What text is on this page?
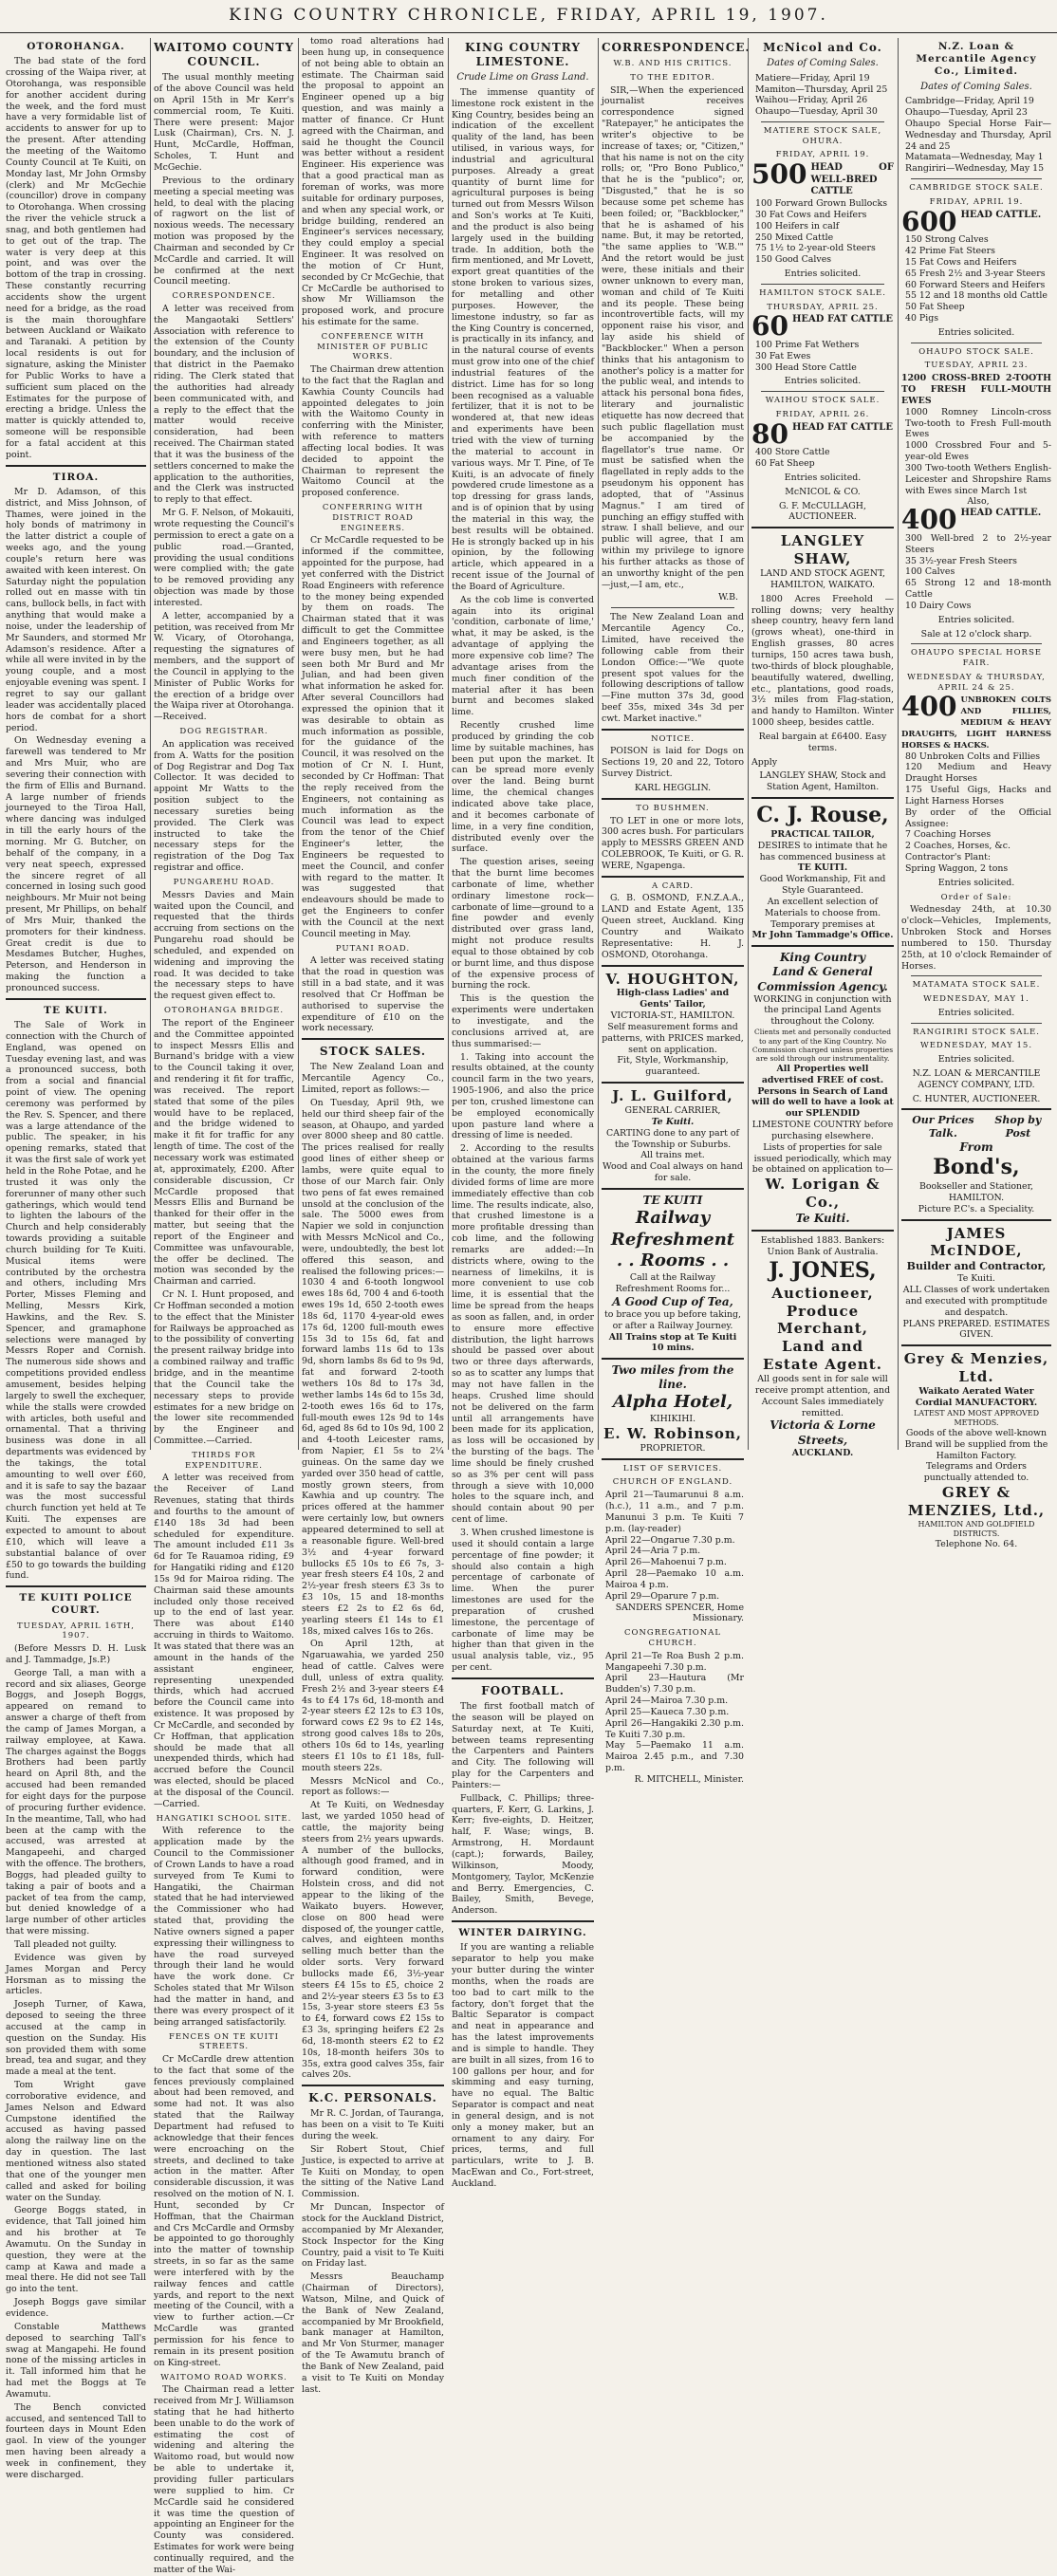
KING COUNTRY CHRONICLE, FRIDAY, APRIL 19, 1907.
OTOROHANGA.

The bad state of the ford crossing of the Waipa river, at Otorohanga, was responsible for another accident during the week, and the ford must have a very formidable list of accidents to answer for up to the present. After attending the meeting of the Waitomo County Council at Te Kuiti, on Monday last, Mr John Ormsby (clerk) and Mr McGechie (councillor) drove in company to Otorohanga. When crossing the river the vehicle struck a snag, and both gentlemen had to get out of the trap. The water is very deep at this point, and was over the bottom of the trap in crossing. These constantly recurring accidents show the urgent need for a bridge, as the road is the main thoroughfare between Auckland or Waikato and Taranaki. A petition by local residents is out for signature, asking the Minister for Public Works to have a sufficient sum placed on the Estimates for the purpose of erecting a bridge. Unless the matter is quickly attended to, someone will be responsible for a fatal accident at this point.

TIROA.

Mr D. Adamson, of this district, and Miss Johnson, of Thames, were joined in the holy bonds of matrimony in the latter district a couple of weeks ago, and the young couple's return here was awaited with keen interest. On Saturday night the population rolled out en masse with tin cans, bullock bells, in fact with anything that would make a noise, under the leadership of Mr Saunders, and stormed Mr Adamson's residence. After a while all were invited in by the young couple, and a most enjoyable evening was spent. I regret to say our gallant leader was accidentally placed hors de combat for a short period.

On Wednesday evening a farewell was tendered to Mr and Mrs Muir, who are severing their connection with the firm of Ellis and Burnand. A large number of friends journeyed to the Tiroa Hall, where dancing was indulged in till the early hours of the morning. Mr G. Butcher, on behalf of the company, in a very neat speech, expressed the sincere regret of all concerned in losing such good neighbours. Mr Muir not being present, Mr Phillips, on behalf of Mrs Muir, thanked the promoters for their kindness. Great credit is due to Mesdames Butcher, Hughes, Peterson, and Henderson in making the function a pronounced success.

TE KUITI.

The Sale of Work in connection with the Church of England, was opened on Tuesday evening last, and was a pronounced success, both from a social and financial point of view. The opening ceremony was performed by the Rev. S. Spencer, and there was a large attendance of the public. The speaker, in his opening remarks, stated that it was the first sale of work yet held in the Rohe Potae, and he trusted it was only the forerunner of many other such gatherings, which would tend to lighten the labours of the Church and help considerably towards providing a suitable church building for Te Kuiti. Musical items were contributed by the orchestra and others, including Mrs Porter, Misses Fleming and Melling, Messrs Kirk, Hawkins, and the Rev. S. Spencer, and gramaphone selections were managed by Messrs Roper and Cornish. The numerous side shows and competitions provided endless amusement, besides helping largely to swell the exchequer, while the stalls were crowded with articles, both useful and ornamental. That a thriving business was done in all departments was evidenced by the takings, the total amounting to well over £60, and it is safe to say the bazaar was the most successful church function yet held at Te Kuiti. The expenses are expected to amount to about £10, which will leave a substantial balance of over £50 to go towards the building fund.

TE KUITI POLICE COURT.
TUESDAY, APRIL 16TH, 1907.

(Before Messrs D. H. Lusk and J. Tammadge, Js.P.)

George Tall, a man with a record and six aliases, George Boggs, and Joseph Boggs, appeared on remand to answer a charge of theft from the camp of James Morgan, a railway employee, at Kawa. The charges against the Boggs Brothers had been partly heard on April 8th, and the accused had been remanded for eight days for the purpose of procuring further evidence. In the meantime, Tall, who had been at the camp with the accused, was arrested at Mangapeehi, and charged with the offence. The brothers, Boggs, had pleaded guilty to taking a pair of boots and a packet of tea from the camp, but denied knowledge of a large number of other articles that were missing.

Tall pleaded not guilty.

Evidence was given by James Morgan and Percy Horsman as to missing the articles.

Joseph Turner, of Kawa, deposed to seeing the three accused at the camp in question on the Sunday. His son provided them with some bread, tea and sugar, and they made a meal at the tent.

Tom Wright gave corroborative evidence, and James Nelson and Edward Cumpstone identified the accused as having passed along the railway line on the day in question. The last mentioned witness also stated that one of the younger men called and asked for boiling water on the Sunday.

George Boggs stated, in evidence, that Tall joined him and his brother at Te Awamutu. On the Sunday in question, they were at the camp at Kawa and made a meal there. He did not see Tall go into the tent.

Joseph Boggs gave similar evidence.

Constable Matthews deposed to searching Tall's swag at Mangapehi. He found none of the missing articles in it. Tall informed him that he had met the Boggs at Te Awamutu.

The Bench convicted accused, and sentenced Tall to fourteen days in Mount Eden gaol. In view of the younger men having been already a week in confinement, they were discharged.

WAITOMO COUNTY COUNCIL.

The usual monthly meeting of the above Council was held on April 15th in Mr Kerr's commercial room, Te Kuiti. There were present: Major Lusk (Chairman), Crs. N. J. Hunt, McCardle, Hoffman, Scholes, T. Hunt and McGechie.

Previous to the ordinary meeting a special meeting was held, to deal with the placing of ragwort on the list of noxious weeds. The necessary motion was proposed by the Chairman and seconded by Cr McCardle and carried. It will be confirmed at the next Council meeting.

CORRESPONDENCE.

A letter was received from the Mangaotaki Settlers' Association with reference to the extension of the County boundary, and the inclusion of that district in the Paemako riding. The Clerk stated that the authorities had already been communicated with, and a reply to the effect that the matter would receive consideration, had been received. The Chairman stated that it was the business of the settlers concerned to make the application to the authorities, and the Clerk was instructed to reply to that effect.

Mr G. F. Nelson, of Mokauiti, wrote requesting the Council's permission to erect a gate on a public road.—Granted, providing the usual conditions were complied with; the gate to be removed providing any objection was made by those interested.

A letter, accompanied by a petition, was received from Mr W. Vicary, of Otorohanga, requesting the signatures of members, and the support of the Council in applying to the Minister of Public Works for the erection of a bridge over the Waipa river at Otorohanga.—Received.

DOG REGISTRAR.

An application was received from A. Watts for the position of Dog Registrar and Dog Tax Collector. It was decided to appoint Mr Watts to the position subject to the necessary sureties being provided. The Clerk was instructed to take the necessary steps for the registration of the Dog Tax registrar and office.

PUNGAREHU ROAD.

Messrs Davies and Main waited upon the Council, and requested that the thirds accruing from sections on the Pungarehu road should be scheduled, and expended on widening and improving the road. It was decided to take the necessary steps to have the request given effect to.

OTOROHANGA BRIDGE.

The report of the Engineer and the Committee appointed to inspect Messrs Ellis and Burnand's bridge with a view to the Council taking it over, and rendering it fit for traffic, was received. The report stated that some of the piles would have to be replaced, and the bridge widened to make it fit for traffic for any length of time. The cost of the necessary work was estimated at, approximately, £200. After considerable discussion, Cr McCardle proposed that Messrs Ellis and Burnand be thanked for their offer in the matter, but seeing that the report of the Engineer and Committee was unfavourable, the offer be declined. The motion was seconded by the Chairman and carried.

Cr N. I. Hunt proposed, and Cr Hoffman seconded a motion to the effect that the Minister for Railways be approached as to the possibility of converting the present railway bridge into a combined railway and traffic bridge, and in the meantime that the Council take the necessary steps to provide estimates for a new bridge on the lower site recommended by the Engineer and Committee.—Carried.

THIRDS FOR EXPENDITURE.

A letter was received from the Receiver of Land Revenues, stating that thirds and fourths to the amount of £140 18s 3d had been scheduled for expenditure. The amount included £11 3s 6d for Te Rauamoa riding, £9 for Hangatiki riding and £120 15s 9d for Mairoa riding. The Chairman said these amounts included only those received up to the end of last year. There was about £140 accruing in thirds to Waitomo. It was stated that there was an amount in the hands of the assistant engineer, representing unexpended thirds, which had accrued before the Council came into existence. It was proposed by Cr McCardle, and seconded by Cr Hoffman, that application should be made that all unexpended thirds, which had accrued before the Council was elected, should be placed at the disposal of the Council.—Carried.

HANGATIKI SCHOOL SITE.

With reference to the application made by the Council to the Commissioner of Crown Lands to have a road surveyed from Te Kumi to Hangatiki, the Chairman stated that he had interviewed the Commissioner who had stated that, providing the Native owners signed a paper expressing their willingness to have the road surveyed through their land he would have the work done. Cr Scholes stated that Mr Wilson had the matter in hand, and there was every prospect of it being arranged satisfactorily.

FENCES ON TE KUITI STREETS.

Cr McCardle drew attention to the fact that some of the fences previously complained about had been removed, and some had not. It was also stated that the Railway Department had refused to acknowledge that their fences were encroaching on the streets, and declined to take action in the matter. After considerable discussion, it was resolved on the motion of N. I. Hunt, seconded by Cr Hoffman, that the Chairman and Crs McCardle and Ormsby be appointed to go thoroughly into the matter of township streets, in so far as the same were interfered with by the railway fences and cattle yards, and report to the next meeting of the Council, with a view to further action.—Cr McCardle was granted permission for his fence to remain in its present position on King-street.

WAITOMO ROAD WORKS.

The Chairman read a letter received from Mr J. Williamson stating that he had hitherto been unable to do the work of estimating the cost of widening and altering the Waitomo road, but would now be able to undertake it, providing fuller particulars were supplied to him. Cr McCardle said he considered it was time the question of appointing an Engineer for the County was considered. Estimates for work were being continually required, and the matter of the Wai-

tomo road alterations had been hung up, in consequence of not being able to obtain an estimate. The Chairman said the proposal to appoint an Engineer opened up a big question, and was mainly a matter of finance. Cr Hunt agreed with the Chairman, and said he thought the Council was better without a resident Engineer. His experience was that a good practical man as foreman of works, was more suitable for ordinary purposes, and when any special work, or bridge building, rendered an Engineer's services necessary, they could employ a special Engineer. It was resolved on the motion of Cr Hunt, seconded by Cr McGechie, that Cr McCardle be authorised to show Mr Williamson the proposed work, and procure his estimate for the same.

CONFERENCE WITH MINISTER OF PUBLIC WORKS.

The Chairman drew attention to the fact that the Raglan and Kawhia County Councils had appointed delegates to join with the Waitomo County in conferring with the Minister, with reference to matters affecting local bodies. It was decided to appoint the Chairman to represent the Waitomo Council at the proposed conference.

CONFERRING WITH DISTRICT ROAD ENGINEERS.

Cr McCardle requested to be informed if the committee, appointed for the purpose, had yet conferred with the District Road Engineers with reference to the money being expended by them on roads. The Chairman stated that it was difficult to get the Committee and Engineers together, as all were busy men, but he had seen both Mr Burd and Mr Julian, and had been given what information he asked for. After several Councillors had expressed the opinion that it was desirable to obtain as much information as possible, for the guidance of the Council, it was resolved on the motion of Cr N. I. Hunt, seconded by Cr Hoffman: That the reply received from the Engineers, not containing as much information as the Council was lead to expect from the tenor of the Chief Engineer's letter, the Engineers be requested to meet the Council, and confer with regard to the matter. It was suggested that endeavours should be made to get the Engineers to confer with the Council at the next Council meeting in May.

PUTANI ROAD.

A letter was received stating that the road in question was still in a bad state, and it was resolved that Cr Hoffman be authorised to supervise the expenditure of £10 on the work necessary.

STOCK SALES.

The New Zealand Loan and Mercantile Agency Co., Limited, report as follows:—

On Tuesday, April 9th, we held our third sheep fair of the season, at Ohaupo, and yarded over 8000 sheep and 80 cattle. The prices realised for really good lines of either sheep or lambs, were quite equal to those of our March fair. Only two pens of fat ewes remained unsold at the conclusion of the sale. The 5000 ewes from Napier we sold in conjunction with Messrs McNicol and Co., were, undoubtedly, the best lot offered this season, and realised the following prices:—1030 4 and 6-tooth longwool ewes 18s 6d, 700 4 and 6-tooth ewes 19s 1d, 650 2-tooth ewes 18s 6d, 1170 4-year-old ewes 17s 6d, 1200 full-mouth ewes 15s 3d to 15s 6d, fat and forward lambs 11s 6d to 13s 9d, shorn lambs 8s 6d to 9s 9d, fat and forward 2-tooth wethers 10s 8d to 17s 3d, wether lambs 14s 6d to 15s 3d, 2-tooth ewes 16s 6d to 17s, full-mouth ewes 12s 9d to 14s 6d, aged 8s 6d to 10s 9d, 100 2 and 4-tooth Leicester rams, from Napier, £1 5s to 2¼ guineas. On the same day we yarded over 350 head of cattle, mostly grown steers, from Kawhia and up country. The prices offered at the hammer were certainly low, but owners appeared determined to sell at a reasonable figure. Well-bred 3½ and 4-year forward bullocks £5 10s to £6 7s, 3-year fresh steers £4 10s, 2 and 2½-year fresh steers £3 3s to £3 10s, 15 and 18-months steers £2 2s to £2 6s 6d, yearling steers £1 14s to £1 18s, mixed calves 16s to 26s.

On April 12th, at Ngaruawahia, we yarded 250 head of cattle. Calves were dull, unless of extra quality. Fresh 2½ and 3-year steers £4 4s to £4 17s 6d, 18-month and 2-year steers £2 12s to £3 10s, forward cows £2 9s to £2 14s, strong good calves 18s to 20s, others 10s 6d to 14s, yearling steers £1 10s to £1 18s, full-mouth steers 22s.

Messrs McNicol and Co., report as follows:—

At Te Kuiti, on Wednesday last, we yarded 1050 head of cattle, the majority being steers from 2½ years upwards. A number of the bullocks, although good framed, and in forward condition, were Holstein cross, and did not appear to the liking of the Waikato buyers. However, close on 800 head were disposed of, the younger cattle, calves, and eighteen months selling much better than the older sorts. Very forward bullocks made £6, 3½-year steers £4 15s to £5, choice 2 and 2½-year steers £3 5s to £3 15s, 3-year store steers £3 5s to £4, forward cows £2 15s to £3 3s, springing heifers £2 2s 6d, 18-month steers £2 to £2 10s, 18-month heifers 30s to 35s, extra good calves 35s, fair calves 20s.

K.C. PERSONALS.

Mr R. C. Jordan, of Tauranga, has been on a visit to Te Kuiti during the week.

Sir Robert Stout, Chief Justice, is expected to arrive at Te Kuiti on Monday, to open the sitting of the Native Land Commission.

Mr Duncan, Inspector of stock for the Auckland District, accompanied by Mr Alexander, Stock Inspector for the King Country, paid a visit to Te Kuiti on Friday last.

Messrs Beauchamp (Chairman of Directors), Watson, Milne, and Quick of the Bank of New Zealand, accompanied by Mr Brookfield, bank manager at Hamilton, and Mr Von Sturmer, manager of the Te Awamutu branch of the Bank of New Zealand, paid a visit to Te Kuiti on Monday last.

KING COUNTRY LIMESTONE.
Crude Lime on Grass Land.

The immense quantity of limestone rock existent in the King Country, besides being an indication of the excellent quality of the land, has been utilised, in various ways, for industrial and agricultural purposes. Already a great quantity of burnt lime for agricultural purposes is being turned out from Messrs Wilson and Son's works at Te Kuiti, and the product is also being largely used in the building trade. In addition, both the firm mentioned, and Mr Lovett, export great quantities of the stone broken to various sizes, for metalling and other purposes. However, the limestone industry, so far as the King Country is concerned, is practically in its infancy, and in the natural course of events must grow into one of the chief industrial features of the district. Lime has for so long been recognised as a valuable fertilizer, that it is not to be wondered at, that new ideas and experiments have been tried with the view of turning the material to account in various ways. Mr T. Pine, of Te Kuiti, is an advocate of finely powdered crude limestone as a top dressing for grass lands, and is of opinion that by using the material in this way, the best results will be obtained. He is strongly backed up in his opinion, by the following article, which appeared in a recent issue of the Journal of the Board of Agriculture.

As the cob lime is converted again into its original 'condition, carbonate of lime,' what, it may be asked, is the advantage of applying the more expensive cob lime? The advantage arises from the much finer condition of the material after it has been burnt and becomes slaked lime.

Recently crushed lime produced by grinding the cob lime by suitable machines, has been put upon the market. It can be spread more evenly over the land. Being burnt lime, the chemical changes indicated above take place, and it becomes carbonate of lime, in a very fine condition, distributed evenly over the surface.

The question arises, seeing that the burnt lime becomes carbonate of lime, whether ordinary limestone rock—carbonate of lime—ground to a fine powder and evenly distributed over grass land, might not produce results equal to those obtained by cob or burnt lime, and thus dispose of the expensive process of burning the rock.

This is the question the experiments were undertaken to investigate, and the conclusions arrived at, are thus summarised:—

1. Taking into account the results obtained, at the county council farm in the two years, 1905-1906, and also the price per ton, crushed limestone can be employed economically upon pasture land where a dressing of lime is needed.

2. According to the results obtained at the various farms in the county, the more finely divided forms of lime are more immediately effective than cob lime. The results indicate, also, that crushed limestone is a more profitable dressing than cob lime, and the following remarks are added:—In districts where, owing to the nearness of limekilns, it is more convenient to use cob lime, it is essential that the lime be spread from the heaps as soon as fallen, and, in order to ensure more effective distribution, the light harrows should be passed over about two or three days afterwards, so as to scatter any lumps that may not have fallen in the heaps. Crushed lime should not be delivered on the farm until all arrangements have been made for its application, as loss will be occasioned by the bursting of the bags. The lime should be finely crushed so as 3% per cent will pass through a sieve with 10,000 holes to the square inch, and should contain about 90 per cent of lime.

3. When crushed limestone is used it should contain a large percentage of fine powder; it should also contain a high percentage of carbonate of lime. When the purer limestones are used for the preparation of crushed limestone, the percentage of carbonate of lime may be higher than that given in the usual analysis table, viz., 95 per cent.

FOOTBALL.

The first football match of the season will be played on Saturday next, at Te Kuiti, between teams representing the Carpenters and Painters and City. The following will play for the Carpenters and Painters:—

Fullback, C. Phillips; three-quarters, F. Kerr, G. Larkins, J. Kerr; five-eights, D. Heitzer, half, F. Wase; wings, B. Armstrong, H. Mordaunt (capt.); forwards, Bailey, Wilkinson, Moody, Montgomery, Taylor, McKenzie and Berry. Emergencies, C. Bailey, Smith, Bevege, Anderson.

WINTER DAIRYING.

If you are wanting a reliable separator to help you make your butter during the winter months, when the roads are too bad to cart milk to the factory, don't forget that the Baltic Separator is compact and neat in appearance and has the latest improvements and is simple to handle. They are built in all sizes, from 16 to 100 gallons per hour, and for skimming and easy turning, have no equal. The Baltic Separator is compact and neat in general design, and is not only a money maker, but an ornament to any dairy. For prices, terms, and full particulars, write to J. B. MacEwan and Co., Fort-street, Auckland.

CORRESPONDENCE.
W.B. AND HIS CRITICS.
TO THE EDITOR.

SIR,—When the experienced journalist receives correspondence signed "Ratepayer," he anticipates the writer's objective to be increase of taxes; or, "Citizen," that his name is not on the city rolls; or, "Pro Bono Publico," that he is the "publico"; or, "Disgusted," that he is so because some pet scheme has been foiled; or, "Backblocker," that he is ashamed of his name. But, it may be retorted, "the same applies to 'W.B.'" And the retort would be just were, these initials and their owner unknown to every man, woman and child of Te Kuiti and its people. These being incontrovertible facts, will my opponent raise his visor, and lay aside his shield of "Backblocker." When a person thinks that his antagonism to another's policy is a matter for the public weal, and intends to attack his personal bona fides, literary and journalistic etiquette has now decreed that such public flagellation must be accompanied by the flagellator's true name. Or must be satisfied when the flagellated in reply adds to the pseudonym his opponent has adopted, that of "Assinus Magnus." I am tired of punching an effigy stuffed with straw. I shall believe, and our public will agree, that I am within my privilege to ignore his further attacks as those of an unworthy knight of the pen—just,—I am, etc.,

W.B.

The New Zealand Loan and Mercantile Agency Co., Limited, have received the following cable from their London Office:—"We quote present spot values for the following descriptions of tallow—Fine mutton 37s 3d, good beef 35s, mixed 34s 3d per cwt. Market inactive."

NOTICE.

POISON is laid for Dogs on Sections 19, 20 and 22, Totoro Survey District.

KARL HEGGLIN.
TO BUSHMEN.

TO LET in one or more lots, 300 acres bush. For particulars apply to MESSRS GREEN AND COLEBROOK, Te Kuiti, or G. R. WERE, Ngapenga.

A CARD.

G. B. OSMOND, F.N.Z.A.A., LAND and Estate Agent, 135 Queen street, Auckland. King Country and Waikato Representative: H. J. OSMOND, Otorohanga.

V. HOUGHTON,
High-class Ladies' and Gents' Tailor,
VICTORIA-ST., HAMILTON.
Self measurement forms and patterns, with PRICES marked, sent on application.
Fit, Style, Workmanship, guaranteed.
J. L. Guilford,
GENERAL CARRIER,
Te Kuiti.
CARTING done to any part of the Township or Suburbs.
All trains met.
Wood and Coal always on hand for sale.
TE KUITI
Railway Refreshment
. . Rooms . .
Call at the Railway Refreshment Rooms for...
A Good Cup of Tea,
to brace you up before taking, or after a Railway Journey.
All Trains stop at Te Kuiti 10 mins.
Two miles from the line.
Alpha Hotel,
KIHIKIHI.
E. W. Robinson,
PROPRIETOR.
LIST OF SERVICES.
CHURCH OF ENGLAND.
April 21—Taumarunui 8 a.m. (h.c.), 11 a.m., and 7 p.m. Manunui 3 p.m. Te Kuiti 7 p.m. (lay-reader)
April 22—Ongarue 7.30 p.m.
April 24—Aria 7 p.m.
April 26—Mahoenui 7 p.m.
April 28—Paemako 10 a.m. Mairoa 4 p.m.
April 29—Oparure 7 p.m.
SANDERS SPENCER, Home Missionary.
CONGREGATIONAL CHURCH.
April 21—Te Roa Bush 2 p.m. Mangapeehi 7.30 p.m.
April 23—Hautura (Mr Budden's) 7.30 p.m.
April 24—Mairoa 7.30 p.m.
April 25—Kaueca 7.30 p.m.
April 26—Hangakiki 2.30 p.m. Te Kuiti 7.30 p.m.
May 5—Paemako 11 a.m. Mairoa 2.45 p.m., and 7.30 p.m.
R. MITCHELL, Minister.
McNicol and Co.
Dates of Coming Sales.
Matiere—Friday, April 19
Mamiton—Thursday, April 25
Waihou—Friday, April 26
Ohaupo—Tuesday, April 30
MATIERE STOCK SALE, OHURA.
FRIDAY, APRIL 19.
500 HEAD OF WELL-BRED CATTLE
100 Forward Grown Bullocks
30 Fat Cows and Heifers
100 Heifers in calf
250 Mixed Cattle
75 1½ to 2-year-old Steers
150 Good Calves
Entries solicited.
HAMILTON STOCK SALE.
THURSDAY, APRIL 25.
60 HEAD FAT CATTLE
100 Prime Fat Wethers
30 Fat Ewes
300 Head Store Cattle
Entries solicited.
WAIHOU STOCK SALE.
FRIDAY, APRIL 26.
80 HEAD FAT CATTLE
400 Store Cattle
60 Fat Sheep
Entries solicited.
McNICOL & CO.
G. F. McCULLAGH, AUCTIONEER.
LANGLEY SHAW,
LAND AND STOCK AGENT,
HAMILTON, WAIKATO.

1800 Acres Freehold — rolling downs; very healthy sheep country, heavy fern land (grows wheat), one-third in English grasses, 80 acres turnips, 150 acres tawa bush, two-thirds of block ploughable, beautifully watered, dwelling, etc., plantations, good roads, 3½ miles from Flag-station, and handy to Hamilton. Winter 1000 sheep, besides cattle.

Real bargain at £6400. Easy terms.
Apply
LANGLEY SHAW, Stock and Station Agent, Hamilton.
C. J. Rouse,
PRACTICAL TAILOR,
DESIRES to intimate that he has commenced business at
TE KUITI.
Good Workmanship, Fit and Style Guaranteed.
An excellent selection of Materials to choose from.
Temporary premises at
Mr John Tammadge's Office.
King Country
Land & General
Commission Agency.
WORKING in conjunction with the principal Land Agents throughout the Colony.
Clients met and personally conducted to any part of the King Country. No Commission charged unless properties are sold through our instrumentality.
All Properties well advertised FREE of cost.
Persons in Search of Land will do well to have a look at our SPLENDID
LIMESTONE COUNTRY before purchasing elsewhere.
Lists of properties for sale issued periodically, which may be obtained on application to—
W. Lorigan & Co.,
Te Kuiti.
Established 1883. Bankers: Union Bank of Australia.
J. JONES,
Auctioneer,
Produce Merchant,
Land and
Estate Agent.
All goods sent in for sale will receive prompt attention, and Account Sales immediately remitted.
Victoria & Lorne Streets,
AUCKLAND.
N.Z. Loan & Mercantile Agency Co., Limited.
Dates of Coming Sales.
Cambridge—Friday, April 19
Ohaupo—Tuesday, April 23
Ohaupo Special Horse Fair—Wednesday and Thursday, April 24 and 25
Matamata—Wednesday, May 1
Rangiriri—Wednesday, May 15
CAMBRIDGE STOCK SALE.
FRIDAY, APRIL 19.
600 HEAD CATTLE.
150 Strong Calves
42 Prime Fat Steers
15 Fat Cows and Heifers
65 Fresh 2½ and 3-year Steers
60 Forward Steers and Heifers
55 12 and 18 months old Cattle
50 Fat Sheep
40 Pigs
Entries solicited.
OHAUPO STOCK SALE.
TUESDAY, APRIL 23.
1200 CROSS-BRED 2-TOOTH TO FRESH FULL-MOUTH EWES
1000 Romney Lincoln-cross Two-tooth to Fresh Full-mouth Ewes
1000 Crossbred Four and 5-year-old Ewes
300 Two-tooth Wethers English-Leicester and Shropshire Rams with Ewes since March 1st
Also,
400 HEAD CATTLE.
300 Well-bred 2 to 2½-year Steers
35 3½-year Fresh Steers
100 Calves
65 Strong 12 and 18-month Cattle
10 Dairy Cows
Entries solicited.
Sale at 12 o'clock sharp.
OHAUPO SPECIAL HORSE FAIR.
WEDNESDAY & THURSDAY, APRIL 24 & 25.
400 UNBROKEN COLTS AND FILLIES, MEDIUM & HEAVY DRAUGHTS, LIGHT HARNESS HORSES & HACKS.
80 Unbroken Colts and Fillies
120 Medium and Heavy Draught Horses
175 Useful Gigs, Hacks and Light Harness Horses
By order of the Official Assignee:
7 Coaching Horses
2 Coaches, Horses, &c.
Contractor's Plant:
Spring Waggon, 2 tons
Entries solicited.
Order of Sale:

Wednesday 24th, at 10.30 o'clock—Vehicles, Implements, Unbroken Stock and Horses numbered to 150. Thursday 25th, at 10 o'clock Remainder of Horses.

MATAMATA STOCK SALE.
WEDNESDAY, MAY 1.
Entries solicited.
RANGIRIRI STOCK SALE.
WEDNESDAY, MAY 15.
Entries solicited.
N.Z. LOAN & MERCANTILE AGENCY COMPANY, LTD.
C. HUNTER, AUCTIONEER.
Our Prices Talk.
Shop by Post
From
Bond's,
Bookseller and Stationer,
HAMILTON.
Picture P.C's. a Speciality.
JAMES McINDOE,
Builder and Contractor,
Te Kuiti.
ALL Classes of work undertaken and executed with promptitude and despatch.
PLANS PREPARED. ESTIMATES GIVEN.
Grey & Menzies, Ltd.
Waikato Aerated Water Cordial MANUFACTORY.
LATEST AND MOST APPROVED METHODS.
Goods of the above well-known Brand will be supplied from the Hamilton Factory.
Telegrams and Orders punctually attended to.
GREY & MENZIES, Ltd.,
HAMILTON AND GOLDFIELD DISTRICTS.
Telephone No. 64.
